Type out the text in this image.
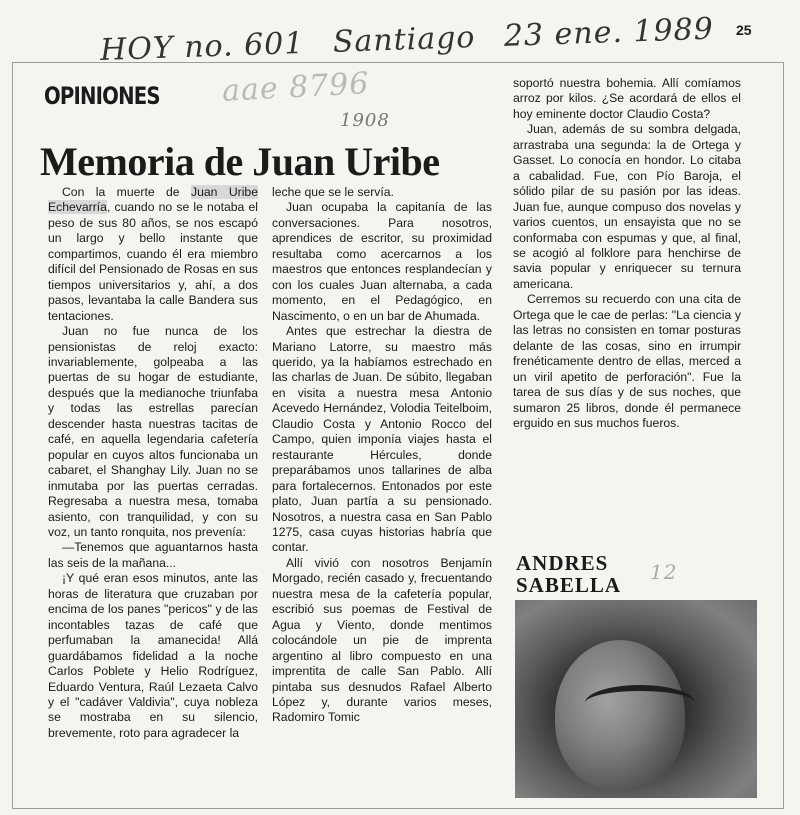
HOY no. 601 Santiago 23 ene. 1989
aae 8796
1908
25
OPINIONES
Memoria de Juan Uribe

Con la muerte de Juan Uribe Echevarría, cuando no se le notaba el peso de sus 80 años, se nos escapó un largo y bello instante que compartimos, cuando él era miembro difícil del Pensionado de Rosas en sus tiempos universitarios y, ahí, a dos pasos, levantaba la calle Bandera sus tentaciones.

Juan no fue nunca de los pensionistas de reloj exacto: invariablemente, golpeaba a las puertas de su hogar de estudiante, después que la medianoche triunfaba y todas las estrellas parecían descender hasta nuestras tacitas de café, en aquella legendaria cafetería popular en cuyos altos funcionaba un cabaret, el Shanghay Lily. Juan no se inmutaba por las puertas cerradas. Regresaba a nuestra mesa, tomaba asiento, con tranquilidad, y con su voz, un tanto ronquita, nos prevenía:

—Tenemos que aguantarnos hasta las seis de la mañana...

¡Y qué eran esos minutos, ante las horas de literatura que cruzaban por encima de los panes "pericos" y de las incontables tazas de café que perfumaban la amanecida! Allá guardábamos fidelidad a la noche Carlos Poblete y Helio Rodríguez, Eduardo Ventura, Raúl Lezaeta Calvo y el "cadáver Valdivia", cuya nobleza se mostraba en su silencio, brevemente, roto para agradecer la

leche que se le servía.

Juan ocupaba la capitanía de las conversaciones. Para nosotros, aprendices de escritor, su proximidad resultaba como acercarnos a los maestros que entonces resplandecían y con los cuales Juan alternaba, a cada momento, en el Pedagógico, en Nascimento, o en un bar de Ahumada.

Antes que estrechar la diestra de Mariano Latorre, su maestro más querido, ya la habíamos estrechado en las charlas de Juan. De súbito, llegaban en visita a nuestra mesa Antonio Acevedo Hernández, Volodia Teitelboim, Claudio Costa y Antonio Rocco del Campo, quien imponía viajes hasta el restaurante Hércules, donde preparábamos unos tallarines de alba para fortalecernos. Entonados por este plato, Juan partía a su pensionado. Nosotros, a nuestra casa en San Pablo 1275, casa cuyas historias habría que contar.

Allí vivió con nosotros Benjamín Morgado, recién casado y, frecuentando nuestra mesa de la cafetería popular, escribió sus poemas de Festival de Agua y Viento, donde mentimos colocándole un pie de imprenta argentino al libro compuesto en una imprentita de calle San Pablo. Allí pintaba sus desnudos Rafael Alberto López y, durante varios meses, Radomiro Tomic

soportó nuestra bohemia. Allí comíamos arroz por kilos. ¿Se acordará de ellos el hoy eminente doctor Claudio Costa?

Juan, además de su sombra delgada, arrastraba una segunda: la de Ortega y Gasset. Lo conocía en hondor. Lo citaba a cabalidad. Fue, con Pío Baroja, el sólido pilar de su pasión por las ideas. Juan fue, aunque compuso dos novelas y varios cuentos, un ensayista que no se conformaba con espumas y que, al final, se acogió al folklore para henchirse de savia popular y enriquecer su ternura americana.

Cerremos su recuerdo con una cita de Ortega que le cae de perlas: "La ciencia y las letras no consisten en tomar posturas delante de las cosas, sino en irrumpir frenéticamente dentro de ellas, merced a un viril apetito de perforación". Fue la tarea de sus días y de sus noches, que sumaron 25 libros, donde él permanece erguido en sus muchos fueros.

ANDRES
SABELLA
12
